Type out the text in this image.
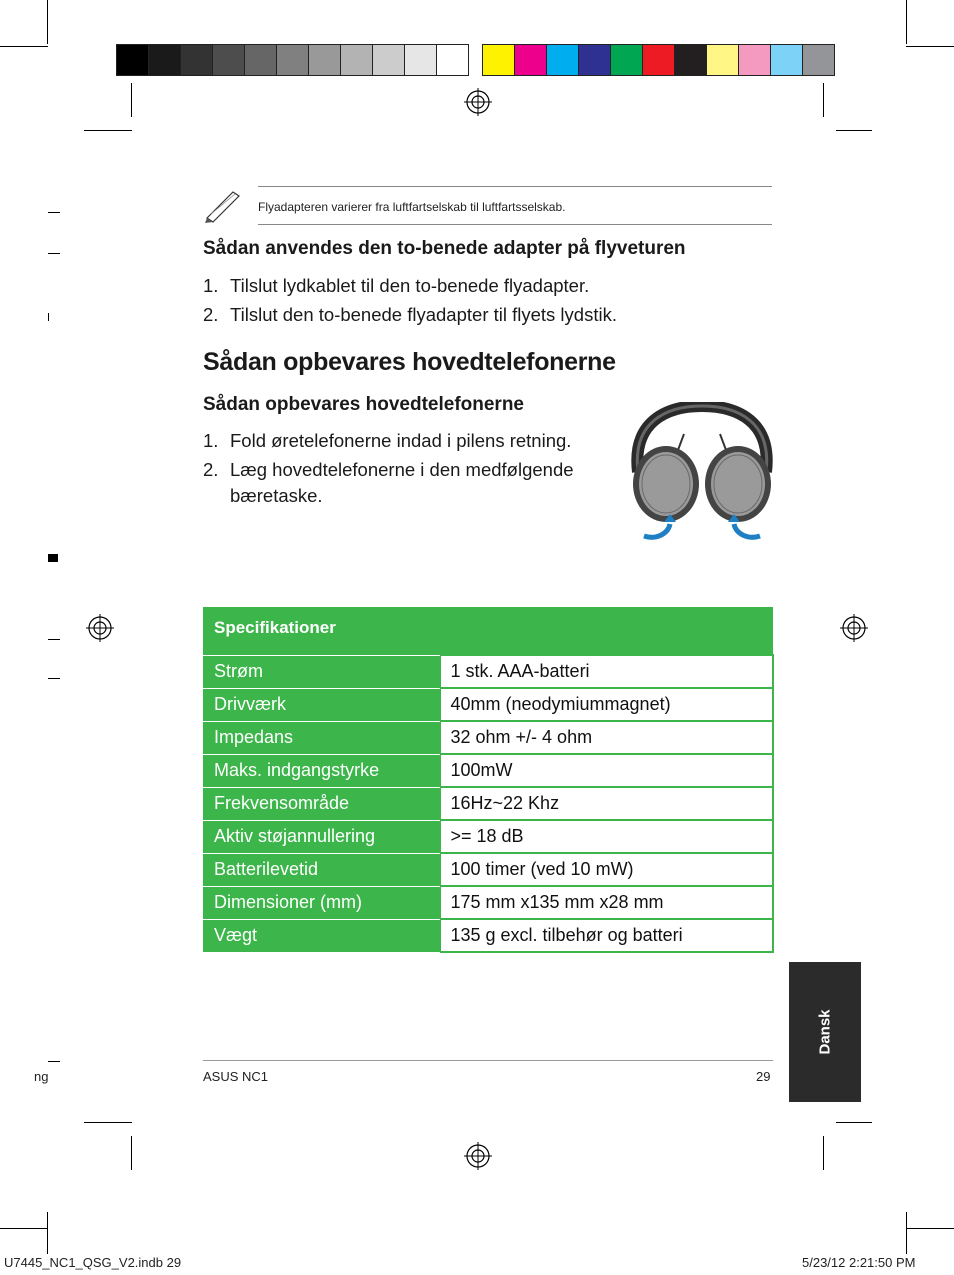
Flyadapteren varierer fra luftfartselskab til luftfartsselskab.
Sådan anvendes den to-benede adapter på flyveturen
1. Tilslut lydkablet til den to-benede flyadapter.
2. Tilslut den to-benede flyadapter til flyets lydstik.
Sådan opbevares hovedtelefonerne
Sådan opbevares hovedtelefonerne
1. Fold øretelefonerne indad i pilens retning.
2. Læg hovedtelefonerne i den medfølgende bæretaske.
Specifikationer	
Strøm	1 stk. AAA-batteri
Drivværk	40mm (neodymiummagnet)
Impedans	32 ohm +/- 4 ohm
Maks. indgangstyrke	100mW
Frekvensområde	16Hz~22 Khz
Aktiv støjannullering	>= 18 dB
Batterilevetid	100 timer (ved 10 mW)
Dimensioner (mm)	175 mm x135 mm x28 mm
Vægt	135 g excl. tilbehør og batteri
Dansk
ng	ASUS NC1	29
U7445_NC1_QSG_V2.indb 29	5/23/12 2:21:50 PM
